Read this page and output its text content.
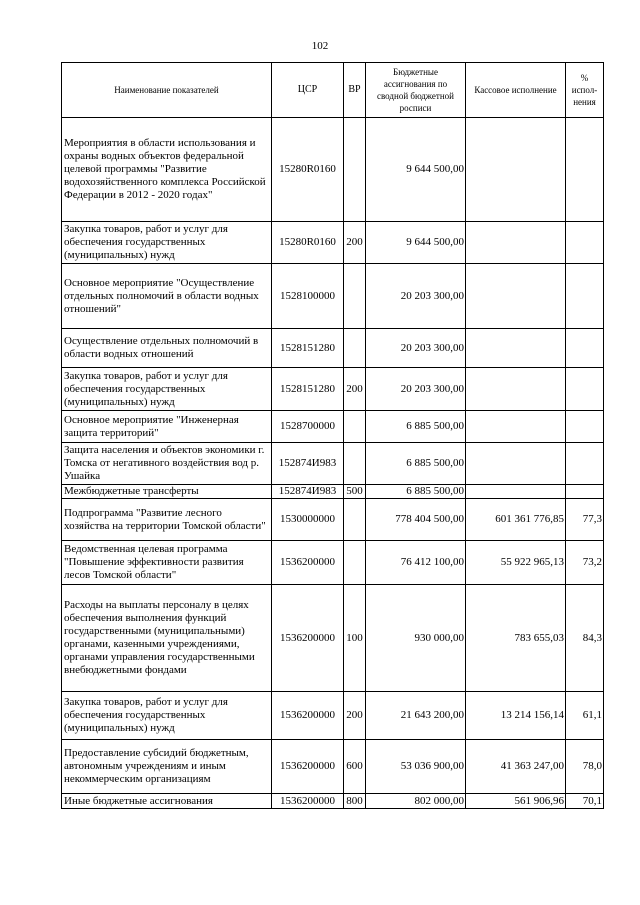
102
Наименование показателей	ЦСР	ВР	Бюджетные ассигнования по сводной бюджетной росписи	Кассовое исполнение	% испол-нения
Мероприятия в области использования и охраны водных объектов федеральной целевой программы "Развитие водохозяйственного комплекса Российской Федерации в 2012 - 2020 годах"	15280R0160		9 644 500,00		
Закупка товаров, работ и услуг для обеспечения государственных (муниципальных) нужд	15280R0160	200	9 644 500,00		
Основное мероприятие "Осуществление отдельных полномочий в области водных отношений"	1528100000		20 203 300,00		
Осуществление отдельных полномочий в области водных отношений	1528151280		20 203 300,00		
Закупка товаров, работ и услуг для обеспечения государственных (муниципальных) нужд	1528151280	200	20 203 300,00		
Основное мероприятие "Инженерная защита территорий"	1528700000		6 885 500,00		
Защита населения и объектов экономики г. Томска от негативного воздействия вод р. Ушайка	152874И983		6 885 500,00		
Межбюджетные трансферты	152874И983	500	6 885 500,00		
Подпрограмма "Развитие лесного хозяйства на территории Томской области"	1530000000		778 404 500,00	601 361 776,85	77,3
Ведомственная целевая программа "Повышение эффективности развития лесов Томской области"	1536200000		76 412 100,00	55 922 965,13	73,2
Расходы на выплаты персоналу в целях обеспечения выполнения функций государственными (муниципальными) органами, казенными учреждениями, органами управления государственными внебюджетными фондами	1536200000	100	930 000,00	783 655,03	84,3
Закупка товаров, работ и услуг для обеспечения государственных (муниципальных) нужд	1536200000	200	21 643 200,00	13 214 156,14	61,1
Предоставление субсидий бюджетным, автономным учреждениям и иным некоммерческим организациям	1536200000	600	53 036 900,00	41 363 247,00	78,0
Иные бюджетные ассигнования	1536200000	800	802 000,00	561 906,96	70,1
